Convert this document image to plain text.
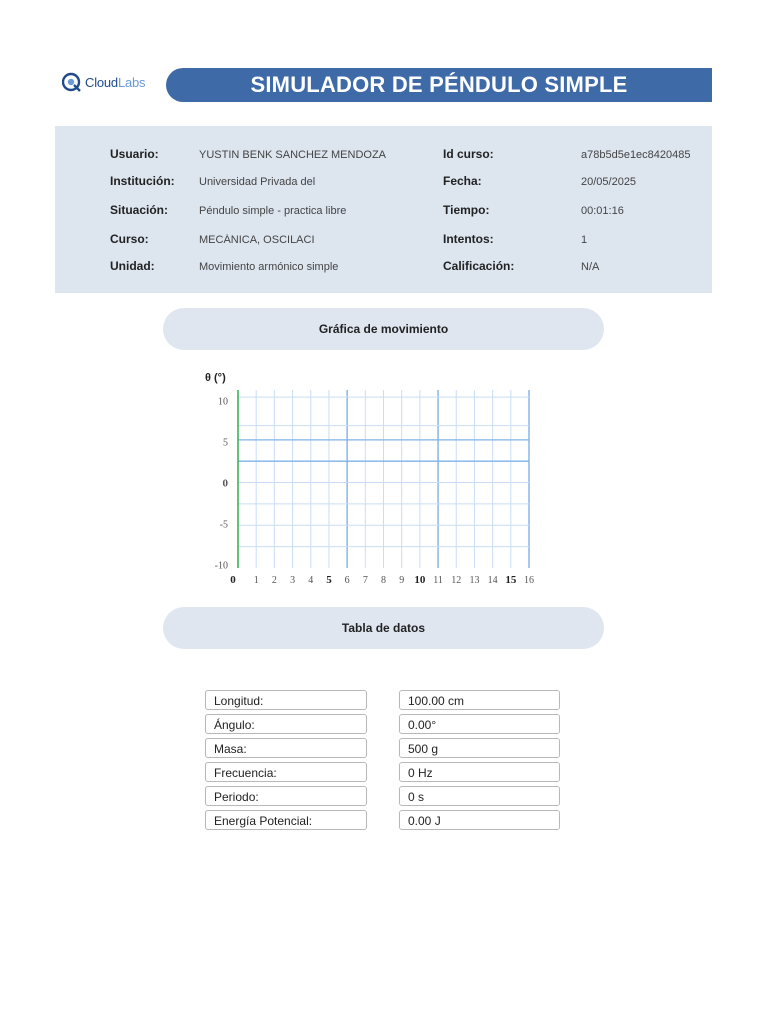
CloudLabs	SIMULADOR DE PÉNDULO SIMPLE
Usuario:	YUSTIN BENK SANCHEZ MENDOZA
Institución: Universidad Privada del
Situación:	Péndulo simple - practica libre
Curso:	MECÁNICA, OSCILACI
Unidad:	Movimiento armónico simple
Id curso:	a78b5d5e1ec8420485
Fecha:	20/05/2025
Tiempo:	00:01:16
Intentos:	1
Calificación:	N/A
Gráfica de movimiento
θ (°)
10
5
0
-5
-10
0 1 2 3 4 5 6 7 8 9 10 11 12 13 14 15 16
Tabla de datos
Longitud:	100.00 cm
Ángulo:	0.00°
Masa:	500 g
Frecuencia:	0 Hz
Periodo:	0 s
Energía Potencial:	0.00 J
